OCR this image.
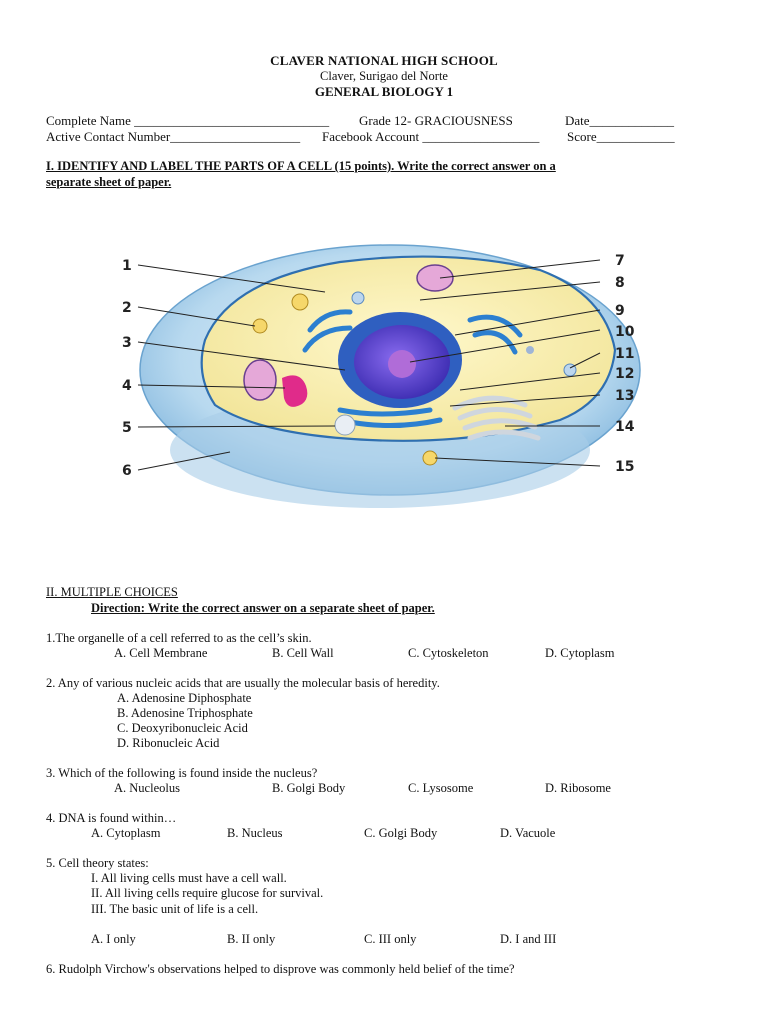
CLAVER NATIONAL HIGH SCHOOL
Claver, Surigao del Norte
GENERAL BIOLOGY 1
Complete Name ______________________________ Grade 12- GRACIOUSNESS	Date_____________
Active Contact Number____________________ Facebook Account __________________ Score____________
I. IDENTIFY AND LABEL THE PARTS OF A CELL (15 points). Write the correct answer on a
separate sheet of paper.
1
2
3
4
5
6
7
8
9
10
11
12
13
14
15
II. MULTIPLE CHOICES
Direction: Write the correct answer on a separate sheet of paper.
1.The organelle of a cell referred to as the cell’s skin.
A. Cell Membrane	B. Cell Wall	C. Cytoskeleton	D. Cytoplasm
2. Any of various nucleic acids that are usually the molecular basis of heredity.
A. Adenosine Diphosphate
B. Adenosine Triphosphate
C. Deoxyribonucleic Acid
D. Ribonucleic Acid
3. Which of the following is found inside the nucleus?
A. Nucleolus	B. Golgi Body	C. Lysosome	D. Ribosome
4. DNA is found within…
A. Cytoplasm	B. Nucleus	C. Golgi Body	D. Vacuole
5. Cell theory states:
I. All living cells must have a cell wall.
II. All living cells require glucose for survival.
III. The basic unit of life is a cell.
A. I only	B. II only	C. III only	D. I and III
6. Rudolph Virchow's observations helped to disprove was commonly held belief of the time?
